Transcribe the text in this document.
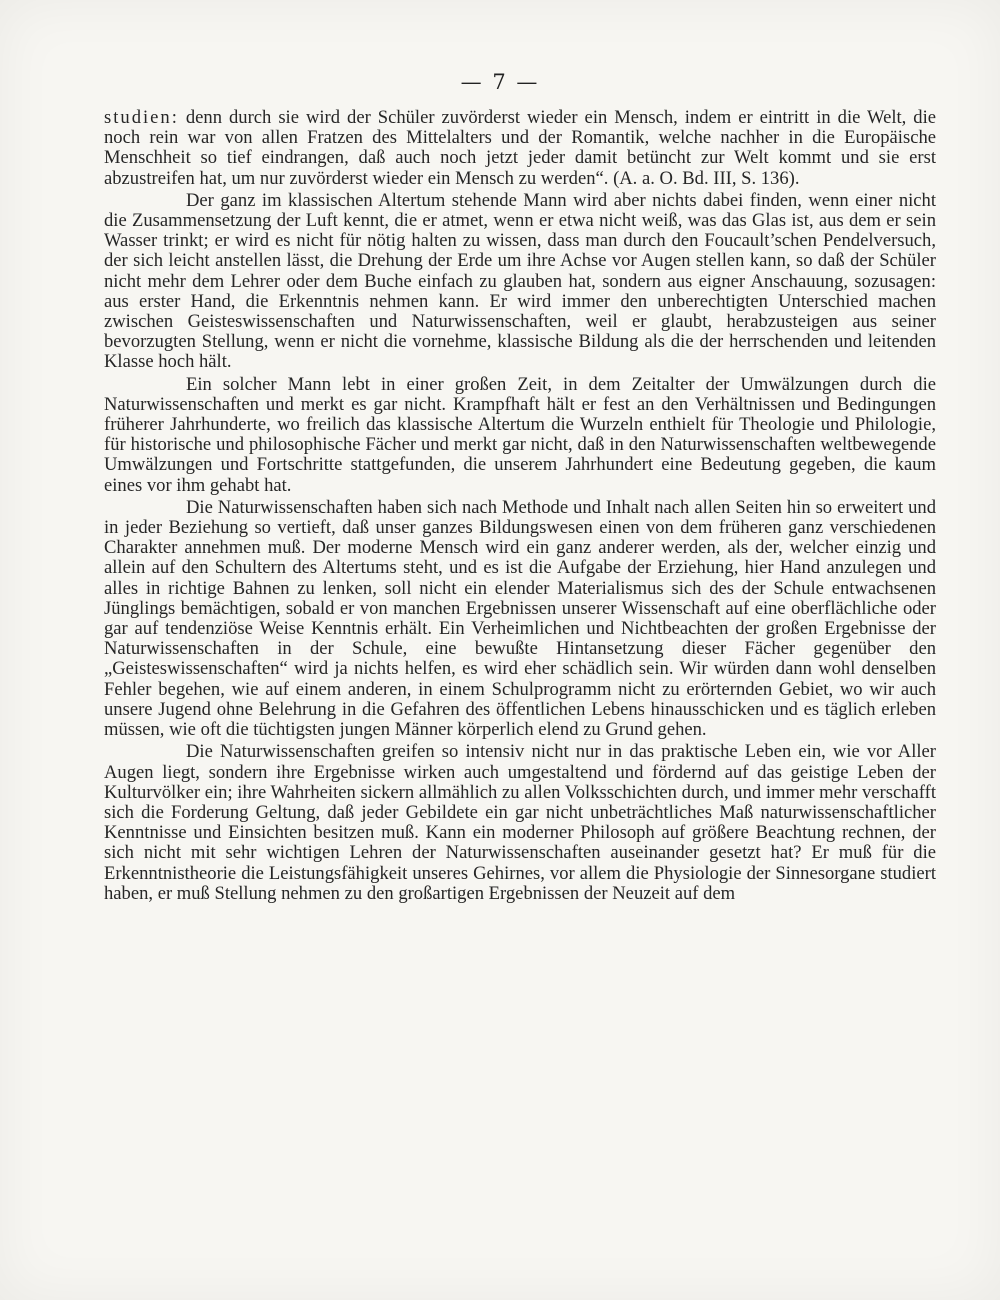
— 7 —

studien: denn durch sie wird der Schüler zuvörderst wieder ein Mensch, indem er eintritt in die Welt, die noch rein war von allen Fratzen des Mittelalters und der Romantik, welche nachher in die Europäische Menschheit so tief eindrangen, daß auch noch jetzt jeder damit betüncht zur Welt kommt und sie erst abzustreifen hat, um nur zuvörderst wieder ein Mensch zu werden“. (A. a. O. Bd. III, S. 136).

Der ganz im klassischen Altertum stehende Mann wird aber nichts dabei finden, wenn einer nicht die Zusammensetzung der Luft kennt, die er atmet, wenn er etwa nicht weiß, was das Glas ist, aus dem er sein Wasser trinkt; er wird es nicht für nötig halten zu wissen, dass man durch den Foucault’schen Pendelversuch, der sich leicht anstellen lässt, die Drehung der Erde um ihre Achse vor Augen stellen kann, so daß der Schüler nicht mehr dem Lehrer oder dem Buche einfach zu glauben hat, sondern aus eigner Anschauung, sozusagen: aus erster Hand, die Erkenntnis nehmen kann. Er wird immer den unberechtigten Unterschied machen zwischen Geisteswissenschaften und Naturwissenschaften, weil er glaubt, herabzusteigen aus seiner bevorzugten Stellung, wenn er nicht die vornehme, klassische Bildung als die der herrschenden und leitenden Klasse hoch hält.

Ein solcher Mann lebt in einer großen Zeit, in dem Zeitalter der Umwälzungen durch die Naturwissenschaften und merkt es gar nicht. Krampfhaft hält er fest an den Verhältnissen und Bedingungen früherer Jahrhunderte, wo freilich das klassische Altertum die Wurzeln enthielt für Theologie und Philologie, für historische und philosophische Fächer und merkt gar nicht, daß in den Naturwissenschaften weltbewegende Umwälzungen und Fortschritte stattgefunden, die unserem Jahrhundert eine Bedeutung gegeben, die kaum eines vor ihm gehabt hat.

Die Naturwissenschaften haben sich nach Methode und Inhalt nach allen Seiten hin so erweitert und in jeder Beziehung so vertieft, daß unser ganzes Bildungswesen einen von dem früheren ganz verschiedenen Charakter annehmen muß. Der moderne Mensch wird ein ganz anderer werden, als der, welcher einzig und allein auf den Schultern des Altertums steht, und es ist die Aufgabe der Erziehung, hier Hand anzulegen und alles in richtige Bahnen zu lenken, soll nicht ein elender Materialismus sich des der Schule entwachsenen Jünglings bemächtigen, sobald er von manchen Ergebnissen unserer Wissenschaft auf eine oberflächliche oder gar auf tendenziöse Weise Kenntnis erhält. Ein Verheimlichen und Nichtbeachten der großen Ergebnisse der Naturwissenschaften in der Schule, eine bewußte Hintansetzung dieser Fächer gegenüber den „Geisteswissenschaften“ wird ja nichts helfen, es wird eher schädlich sein. Wir würden dann wohl denselben Fehler begehen, wie auf einem anderen, in einem Schulprogramm nicht zu erörternden Gebiet, wo wir auch unsere Jugend ohne Belehrung in die Gefahren des öffentlichen Lebens hinausschicken und es täglich erleben müssen, wie oft die tüchtigsten jungen Männer körperlich elend zu Grund gehen.

Die Naturwissenschaften greifen so intensiv nicht nur in das praktische Leben ein, wie vor Aller Augen liegt, sondern ihre Ergebnisse wirken auch umgestaltend und fördernd auf das geistige Leben der Kulturvölker ein; ihre Wahrheiten sickern allmählich zu allen Volksschichten durch, und immer mehr verschafft sich die Forderung Geltung, daß jeder Gebildete ein gar nicht unbeträchtliches Maß naturwissenschaftlicher Kenntnisse und Einsichten besitzen muß. Kann ein moderner Philosoph auf größere Beachtung rechnen, der sich nicht mit sehr wichtigen Lehren der Naturwissenschaften auseinander gesetzt hat? Er muß für die Erkenntnistheorie die Leistungsfähigkeit unseres Gehirnes, vor allem die Physiologie der Sinnesorgane studiert haben, er muß Stellung nehmen zu den großartigen Ergebnissen der Neuzeit auf dem
